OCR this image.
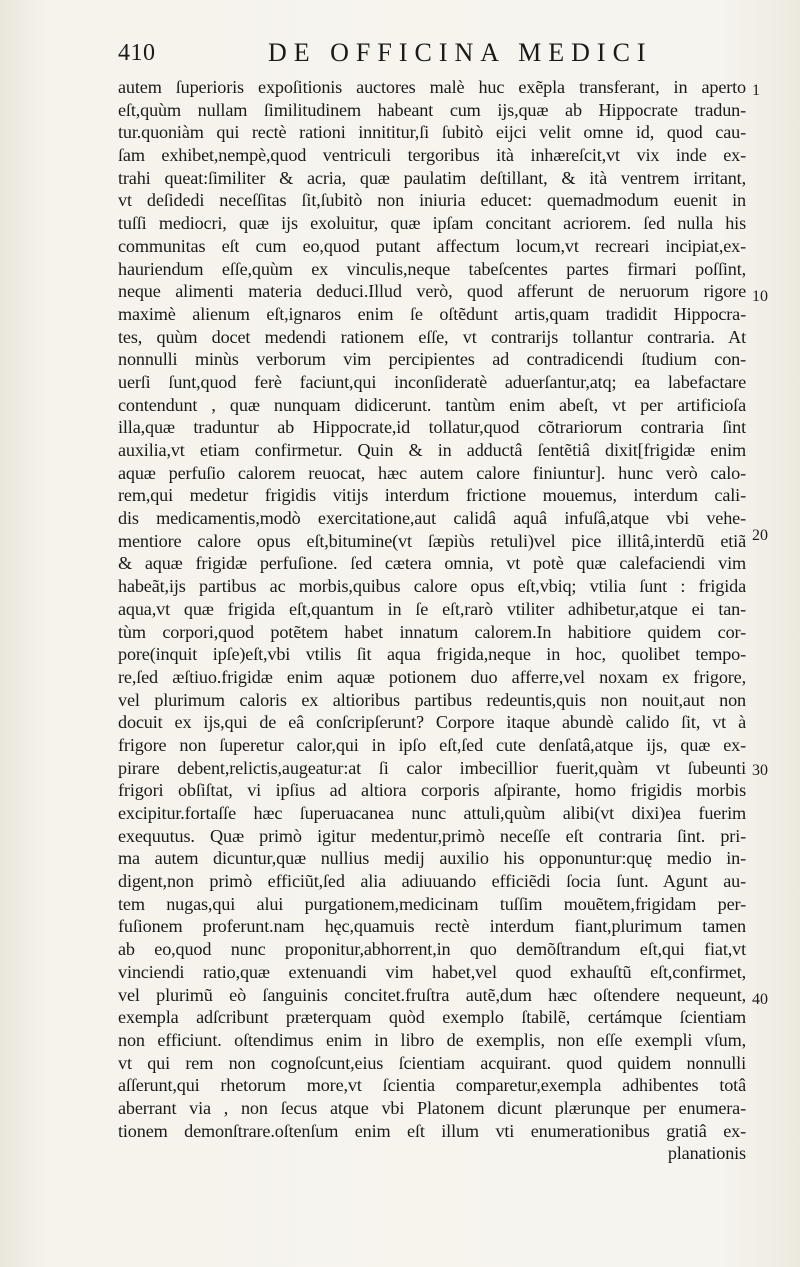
410	DE OFFICINA MEDICI
autem ſuperioris expoſitionis auctores malè huc exẽpla transferant, in aperto
eſt,quùm nullam ſimilitudinem habeant cum ijs,quæ ab Hippocrate tradun-
tur.quoniàm qui rectè rationi innititur,ſi ſubitò eijci velit omne id, quod cau-
ſam exhibet,nempè,quod ventriculi tergoribus ità inhæreſcit,vt vix inde ex-
trahi queat:ſimiliter & acria, quæ paulatim deſtillant, & ità ventrem irritant,
vt deſidedi neceſſitas ſit,ſubitò non iniuria educet: quemadmodum euenit in
tuſſi mediocri, quæ ijs exoluitur, quæ ipſam concitant acriorem. ſed nulla his
communitas eſt cum eo,quod putant affectum locum,vt recreari incipiat,ex-
hauriendum eſſe,quùm ex vinculis,neque tabeſcentes partes firmari poſſint,
neque alimenti materia deduci.Illud verò, quod afferunt de neruorum rigore
maximè alienum eſt,ignaros enim ſe oſtẽdunt artis,quam tradidit Hippocra-
tes, quùm docet medendi rationem eſſe, vt contrarijs tollantur contraria. At
nonnulli minùs verborum vim percipientes ad contradicendi ſtudium con-
uerſi ſunt,quod ferè faciunt,qui inconſideratè aduerſantur,atq; ea labefactare
contendunt , quæ nunquam didicerunt. tantùm enim abeſt, vt per artificioſa
illa,quæ traduntur ab Hippocrate,id tollatur,quod cõtrariorum contraria ſint
auxilia,vt etiam confirmetur. Quin & in adductâ ſentẽtiâ dixit[frigidæ enim
aquæ perfuſio calorem reuocat, hæc autem calore finiuntur]. hunc verò calo-
rem,qui medetur frigidis vitijs interdum frictione mouemus, interdum cali-
dis medicamentis,modò exercitatione,aut calidâ aquâ infuſâ,atque vbi vehe-
mentiore calore opus eſt,bitumine(vt ſæpiùs retuli)vel pice illitâ,interdũ etiã
& aquæ frigidæ perfuſione. ſed cætera omnia, vt potè quæ calefaciendi vim
habeãt,ijs partibus ac morbis,quibus calore opus eſt,vbiq; vtilia ſunt : frigida
aqua,vt quæ frigida eſt,quantum in ſe eſt,rarò vtiliter adhibetur,atque ei tan-
tùm corpori,quod potẽtem habet innatum calorem.In habitiore quidem cor-
pore(inquit ipſe)eſt,vbi vtilis ſit aqua frigida,neque in hoc, quolibet tempo-
re,ſed æſtiuo.frigidæ enim aquæ potionem duo afferre,vel noxam ex frigore,
vel plurimum caloris ex altioribus partibus redeuntis,quis non nouit,aut non
docuit ex ijs,qui de eâ conſcripſerunt? Corpore itaque abundè calido ſit, vt à
frigore non ſuperetur calor,qui in ipſo eſt,ſed cute denſatâ,atque ijs, quæ ex-
pirare debent,relictis,augeatur:at ſi calor imbecillior fuerit,quàm vt ſubeunti
frigori obſiſtat, vi ipſius ad altiora corporis aſpirante, homo frigidis morbis
excipitur.fortaſſe hæc ſuperuacanea nunc attuli,quùm alibi(vt dixi)ea fuerim
exequutus. Quæ primò igitur medentur,primò neceſſe eſt contraria ſint. pri-
ma autem dicuntur,quæ nullius medij auxilio his opponuntur:quę medio in-
digent,non primò efficiũt,ſed alia adiuuando efficiẽdi ſocia ſunt. Agunt au-
tem nugas,qui alui purgationem,medicinam tuſſim mouẽtem,frigidam per-
fuſionem proferunt.nam hęc,quamuis rectè interdum fiant,plurimum tamen
ab eo,quod nunc proponitur,abhorrent,in quo demõſtrandum eſt,qui fiat,vt
vinciendi ratio,quæ extenuandi vim habet,vel quod exhauſtũ eſt,confirmet,
vel plurimũ eò ſanguinis concitet.fruſtra autẽ,dum hæc oſtendere nequeunt,
exempla adſcribunt præterquam quòd exemplo ſtabilẽ, certámque ſcientiam
non efficiunt. oſtendimus enim in libro de exemplis, non eſſe exempli vſum,
vt qui rem non cognoſcunt,eius ſcientiam acquirant. quod quidem nonnulli
aſſerunt,qui rhetorum more,vt ſcientia comparetur,exempla adhibentes totâ
aberrant via , non ſecus atque vbi Platonem dicunt plærunque per enumera-
tionem demonſtrare.oſtenſum enim eſt illum vti enumerationibus gratiâ ex-
planationis
1
10
20
30
40
